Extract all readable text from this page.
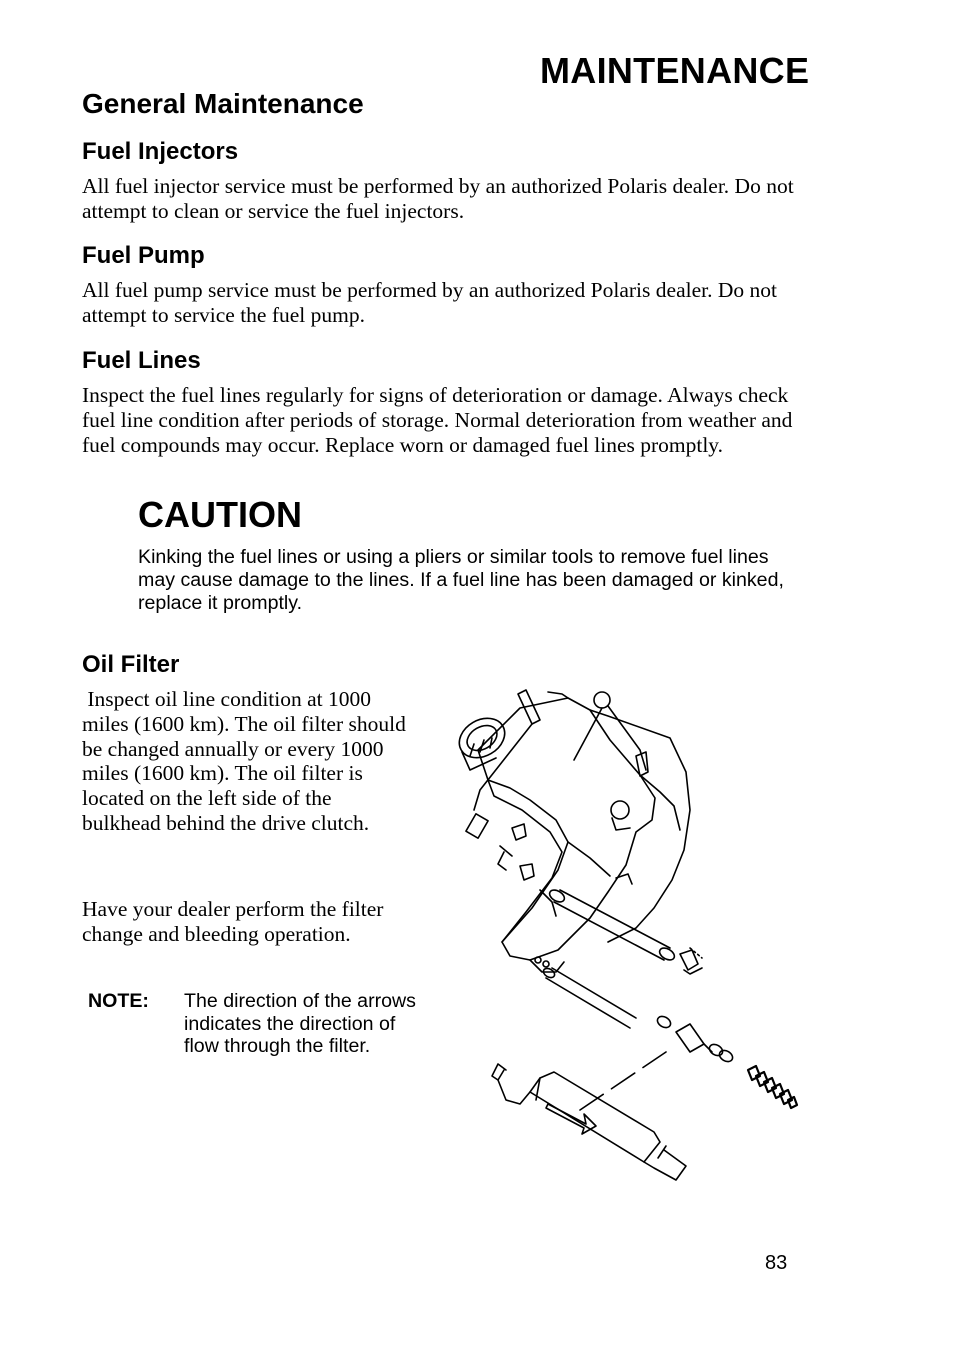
MAINTENANCE
General Maintenance
Fuel Injectors

All fuel injector service must be performed by an authorized Polaris dealer. Do not attempt to clean or service the fuel injectors.

Fuel Pump

All fuel pump service must be performed by an authorized Polaris dealer. Do not attempt to service the fuel pump.

Fuel Lines

Inspect the fuel lines regularly for signs of deterioration or damage. Always check fuel line condition after periods of storage. Normal deterioration from weather and fuel compounds may occur. Replace worn or damaged fuel lines promptly.

CAUTION

Kinking the fuel lines or using a pliers or similar tools to remove fuel lines may cause damage to the lines. If a fuel line has been damaged or kinked, replace it promptly.

Oil Filter

Inspect oil line condition at 1000 miles (1600 km). The oil filter should be changed annually or every 1000 miles (1600 km). The oil filter is located on the left side of the bulkhead behind the drive clutch.

Have your dealer perform the filter change and bleeding operation.

NOTE: The direction of the arrows indicates the direction of flow through the filter.

83
